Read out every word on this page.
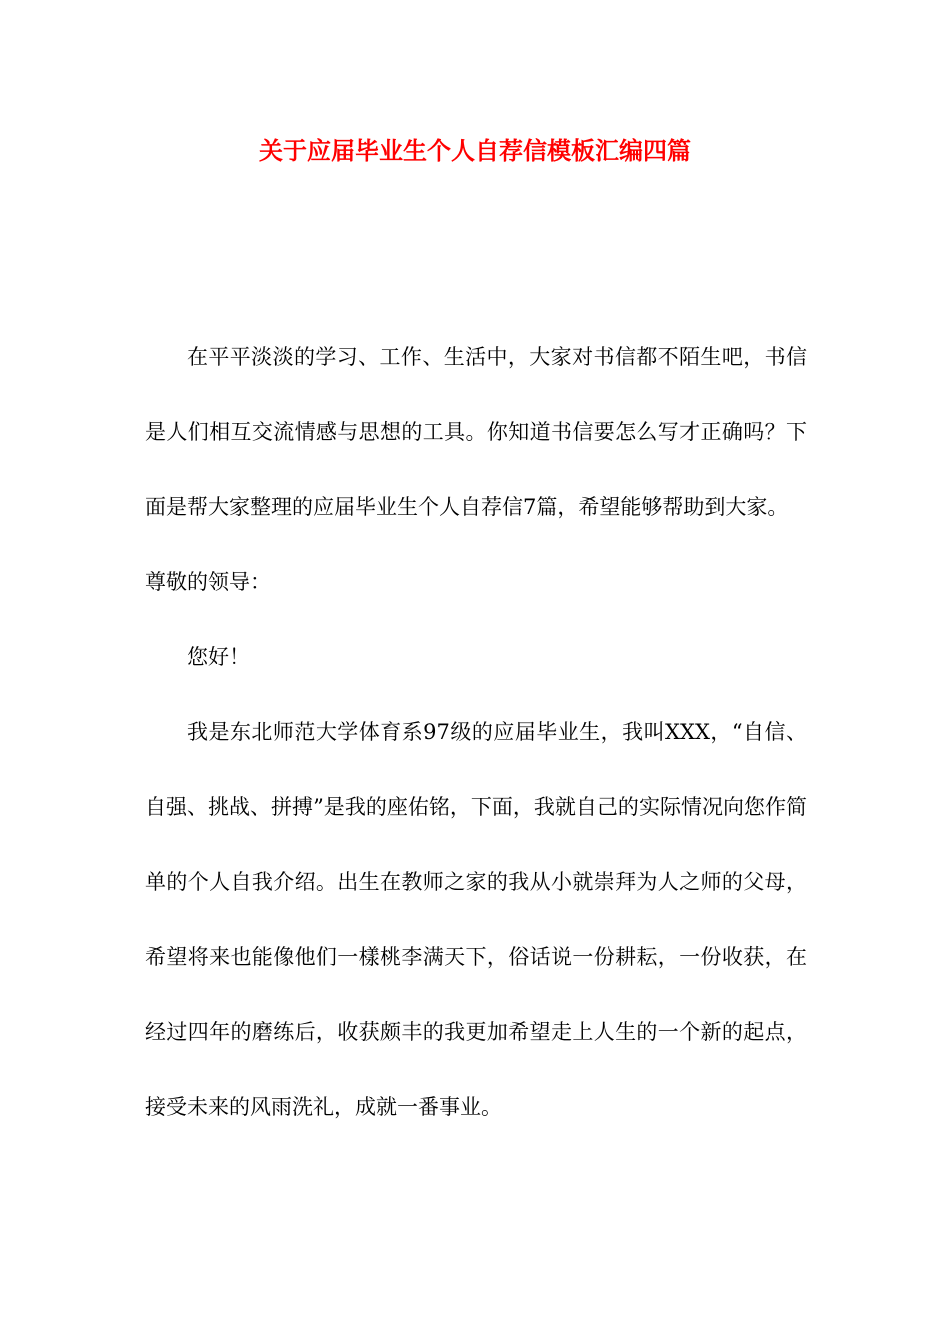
关于应届毕业生个人自荐信模板汇编四篇

在平平淡淡的学习、工作、生活中，大家对书信都不陌生吧，书信是人们相互交流情感与思想的工具。你知道书信要怎么写才正确吗？下面是帮大家整理的应届毕业生个人自荐信7篇，希望能够帮助到大家。

尊敬的领导：

您好！

我是东北师范大学体育系97级的应届毕业生，我叫XXX，“自信、自强、挑战、拼搏”是我的座佑铭，下面，我就自己的实际情况向您作简单的个人自我介绍。出生在教师之家的我从小就崇拜为人之师的父母，希望将来也能像他们一樣桃李满天下，俗话说一份耕耘，一份收获，在经过四年的磨练后，收获颇丰的我更加希望走上人生的一个新的起点，接受未来的风雨洗礼，成就一番事业。
